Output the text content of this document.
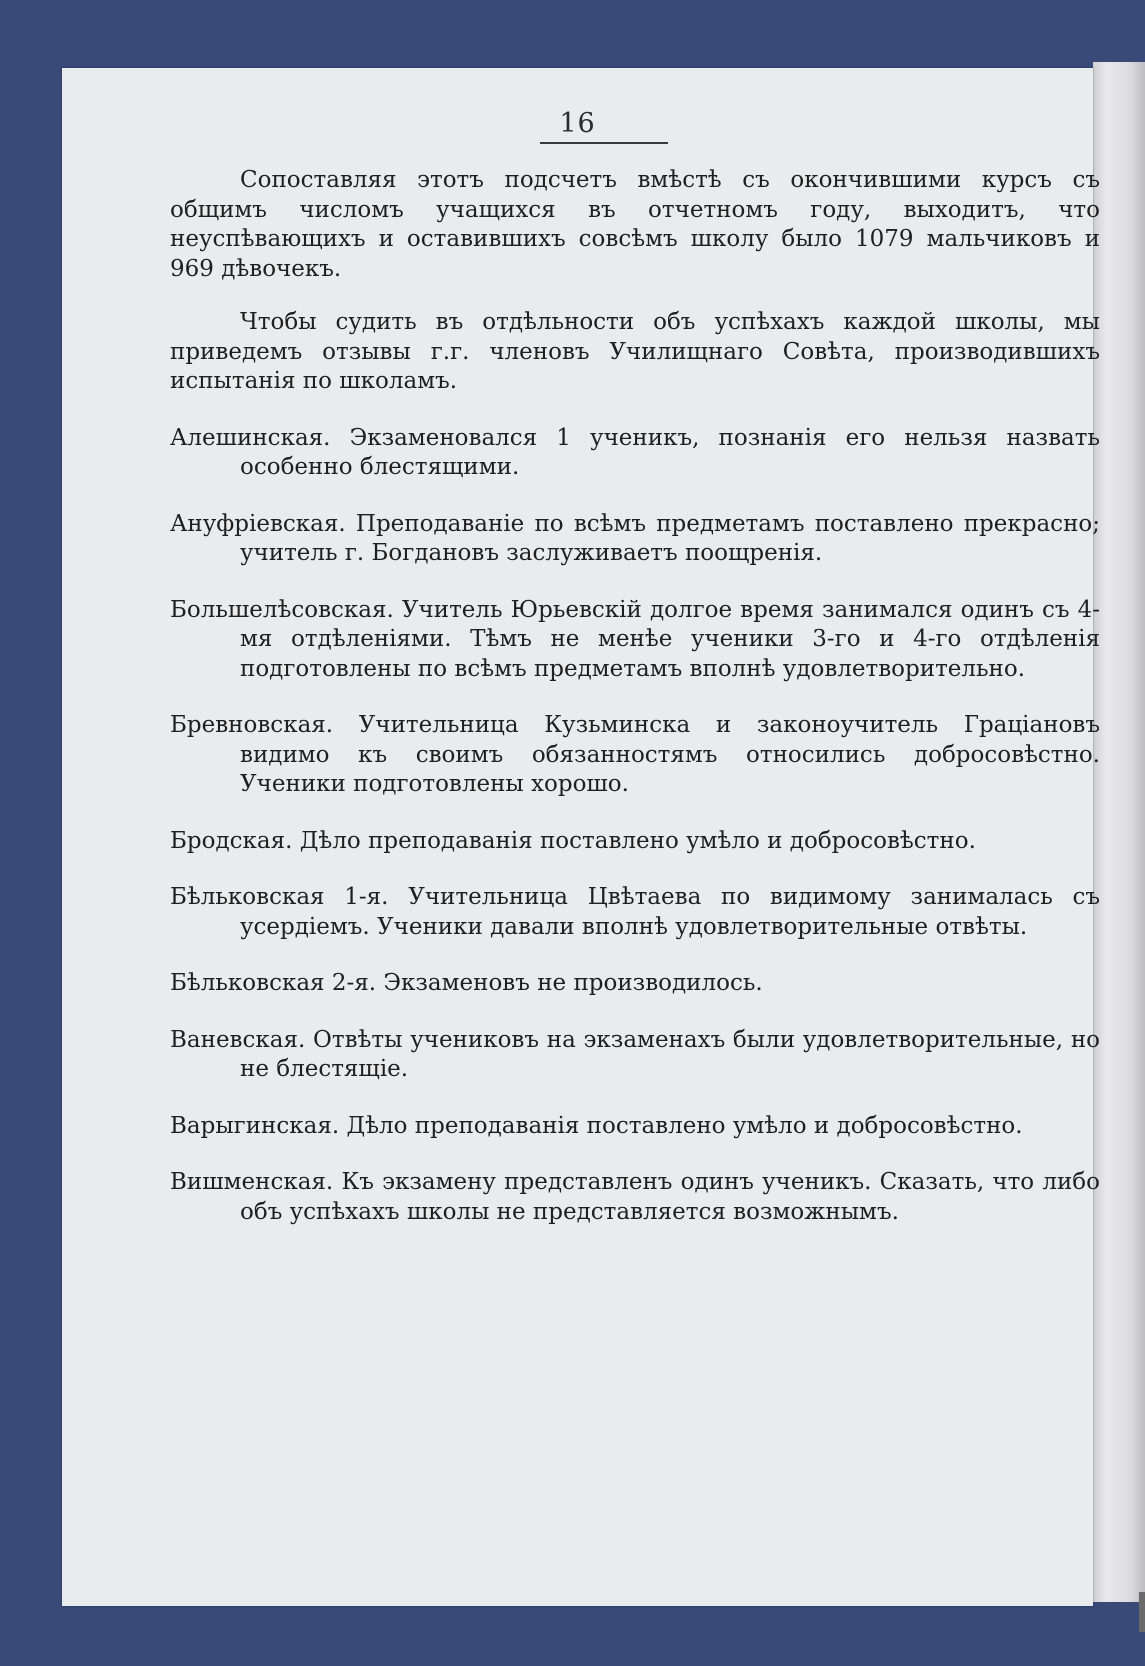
16

Сопоставляя этотъ подсчетъ вмѣстѣ съ окончившими курсъ съ общимъ числомъ учащихся въ отчетномъ году, выходитъ, что неуспѣвающихъ и оставившихъ совсѣмъ школу было 1079 мальчиковъ и 969 дѣвочекъ.

Чтобы судить въ отдѣльности объ успѣхахъ каждой школы, мы приведемъ отзывы г.г. членовъ Училищнаго Совѣта, производившихъ испытанія по школамъ.

Алешинская. Экзаменовался 1 ученикъ, познанія его нельзя назвать особенно блестящими.

Ануфріевская. Преподаваніе по всѣмъ предметамъ поставлено прекрасно; учитель г. Богдановъ заслуживаетъ поощренія.

Большелѣсовская. Учитель Юрьевскій долгое время занимался одинъ съ 4-мя отдѣленіями. Тѣмъ не менѣе ученики 3-го и 4-го отдѣленія подготовлены по всѣмъ предметамъ вполнѣ удовлетворительно.

Бревновская. Учительница Кузьминска и законоучитель Граціановъ видимо къ своимъ обязанностямъ относились добросовѣстно. Ученики подготовлены хорошо.

Бродская. Дѣло преподаванія поставлено умѣло и добросовѣстно.

Бѣльковская 1-я. Учительница Цвѣтаева по видимому занималась съ усердіемъ. Ученики давали вполнѣ удовлетворительные отвѣты.

Бѣльковская 2-я. Экзаменовъ не производилось.

Ваневская. Отвѣты учениковъ на экзаменахъ были удовлетворительные, но не блестящіе.

Варыгинская. Дѣло преподаванія поставлено умѣло и добросовѣстно.

Вишменская. Къ экзамену представленъ одинъ ученикъ. Сказать, что либо объ успѣхахъ школы не представляется возможнымъ.
